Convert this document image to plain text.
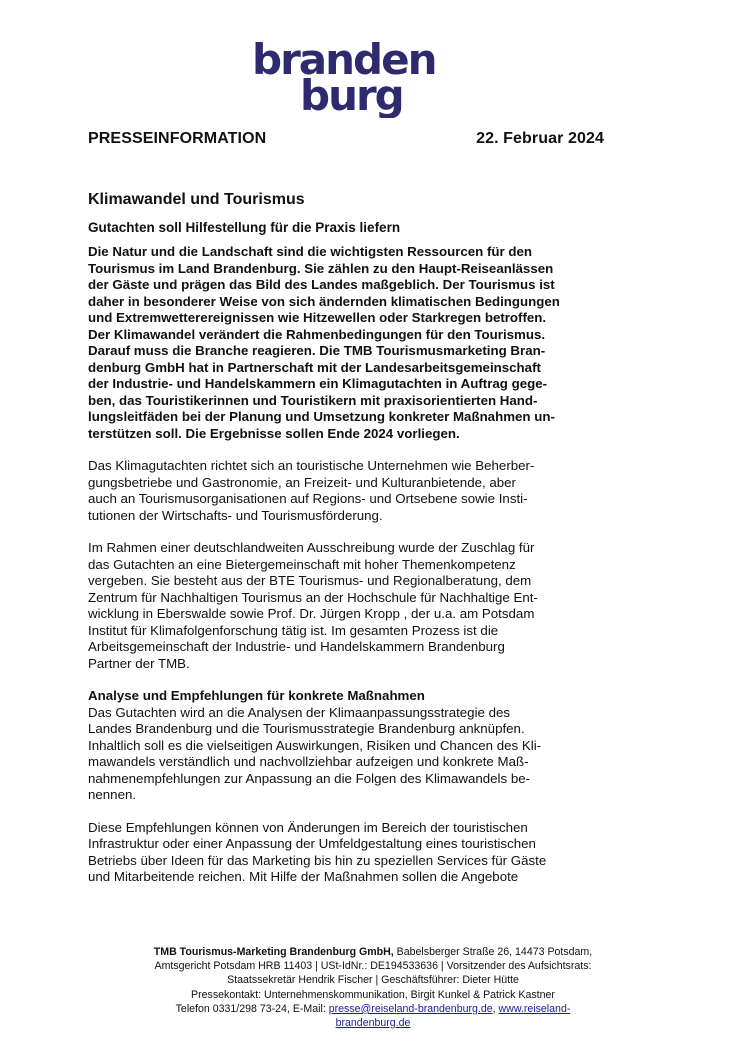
branden
burg
PRESSEINFORMATION	22. Februar 2024
Klimawandel und Tourismus
Gutachten soll Hilfestellung für die Praxis liefern
Die Natur und die Landschaft sind die wichtigsten Ressourcen für den
Tourismus im Land Brandenburg. Sie zählen zu den Haupt-Reiseanlässen
der Gäste und prägen das Bild des Landes maßgeblich. Der Tourismus ist
daher in besonderer Weise von sich ändernden klimatischen Bedingungen
und Extremwetterereignissen wie Hitzewellen oder Starkregen betroffen.
Der Klimawandel verändert die Rahmenbedingungen für den Tourismus.
Darauf muss die Branche reagieren. Die TMB Tourismusmarketing Bran-
denburg GmbH hat in Partnerschaft mit der Landesarbeitsgemeinschaft
der Industrie- und Handelskammern ein Klimagutachten in Auftrag gege-
ben, das Touristikerinnen und Touristikern mit praxisorientierten Hand-
lungsleitfäden bei der Planung und Umsetzung konkreter Maßnahmen un-
terstützen soll. Die Ergebnisse sollen Ende 2024 vorliegen.
Das Klimagutachten richtet sich an touristische Unternehmen wie Beherber-
gungsbetriebe und Gastronomie, an Freizeit- und Kulturanbietende, aber
auch an Tourismusorganisationen auf Regions- und Ortsebene sowie Insti-
tutionen der Wirtschafts- und Tourismusförderung.
Im Rahmen einer deutschlandweiten Ausschreibung wurde der Zuschlag für
das Gutachten an eine Bietergemeinschaft mit hoher Themenkompetenz
vergeben. Sie besteht aus der BTE Tourismus- und Regionalberatung, dem
Zentrum für Nachhaltigen Tourismus an der Hochschule für Nachhaltige Ent-
wicklung in Eberswalde sowie Prof. Dr. Jürgen Kropp , der u.a. am Potsdam
Institut für Klimafolgenforschung tätig ist. Im gesamten Prozess ist die
Arbeitsgemeinschaft der Industrie- und Handelskammern Brandenburg
Partner der TMB.
Analyse und Empfehlungen für konkrete Maßnahmen
Das Gutachten wird an die Analysen der Klimaanpassungsstrategie des
Landes Brandenburg und die Tourismusstrategie Brandenburg anknüpfen.
Inhaltlich soll es die vielseitigen Auswirkungen, Risiken und Chancen des Kli-
mawandels verständlich und nachvollziehbar aufzeigen und konkrete Maß-
nahmenempfehlungen zur Anpassung an die Folgen des Klimawandels be-
nennen.
Diese Empfehlungen können von Änderungen im Bereich der touristischen
Infrastruktur oder einer Anpassung der Umfeldgestaltung eines touristischen
Betriebs über Ideen für das Marketing bis hin zu speziellen Services für Gäste
und Mitarbeitende reichen. Mit Hilfe der Maßnahmen sollen die Angebote
TMB Tourismus-Marketing Brandenburg GmbH, Babelsberger Straße 26, 14473 Potsdam,
Amtsgericht Potsdam HRB 11403 | USt-IdNr.: DE194533636 | Vorsitzender des Aufsichtsrats:
Staatssekretär Hendrik Fischer | Geschäftsführer: Dieter Hütte
Pressekontakt: Unternehmenskommunikation, Birgit Kunkel & Patrick Kastner
Telefon 0331/298 73-24, E-Mail: presse@reiseland-brandenburg.de, www.reiseland-
brandenburg.de
